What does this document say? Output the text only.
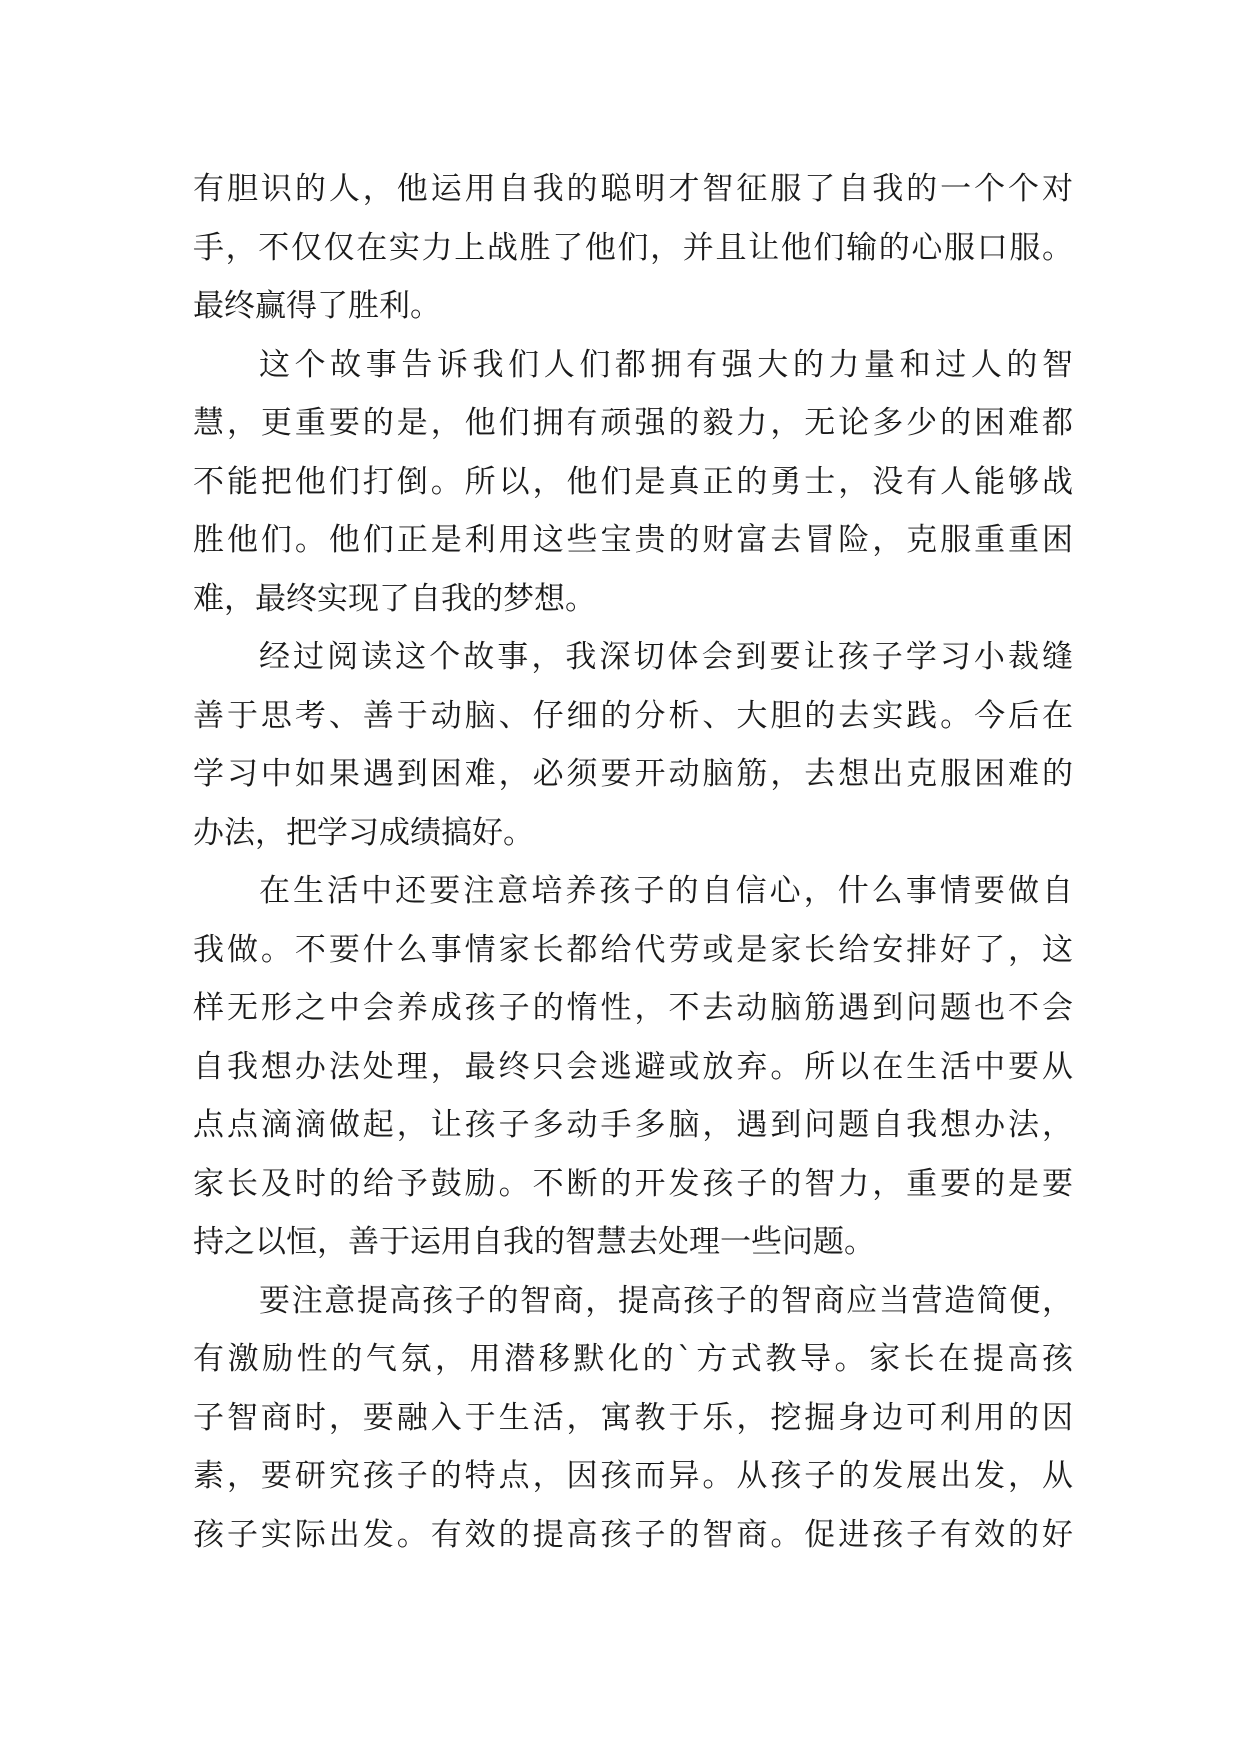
有胆识的人，他运用自我的聪明才智征服了自我的一个个对
手，不仅仅在实力上战胜了他们，并且让他们输的心服口服。
最终赢得了胜利。
这个故事告诉我们人们都拥有强大的力量和过人的智
慧，更重要的是，他们拥有顽强的毅力，无论多少的困难都
不能把他们打倒。所以，他们是真正的勇士，没有人能够战
胜他们。他们正是利用这些宝贵的财富去冒险，克服重重困
难，最终实现了自我的梦想。
经过阅读这个故事，我深切体会到要让孩子学习小裁缝
善于思考、善于动脑、仔细的分析、大胆的去实践。今后在
学习中如果遇到困难，必须要开动脑筋，去想出克服困难的
办法，把学习成绩搞好。
在生活中还要注意培养孩子的自信心，什么事情要做自
我做。不要什么事情家长都给代劳或是家长给安排好了，这
样无形之中会养成孩子的惰性，不去动脑筋遇到问题也不会
自我想办法处理，最终只会逃避或放弃。所以在生活中要从
点点滴滴做起，让孩子多动手多脑，遇到问题自我想办法，
家长及时的给予鼓励。不断的开发孩子的智力，重要的是要
持之以恒，善于运用自我的智慧去处理一些问题。
要注意提高孩子的智商，提高孩子的智商应当营造简便，
有激励性的气氛，用潜移默化的`方式教导。家长在提高孩
子智商时，要融入于生活，寓教于乐，挖掘身边可利用的因
素，要研究孩子的特点，因孩而异。从孩子的发展出发，从
孩子实际出发。有效的提高孩子的智商。促进孩子有效的好
